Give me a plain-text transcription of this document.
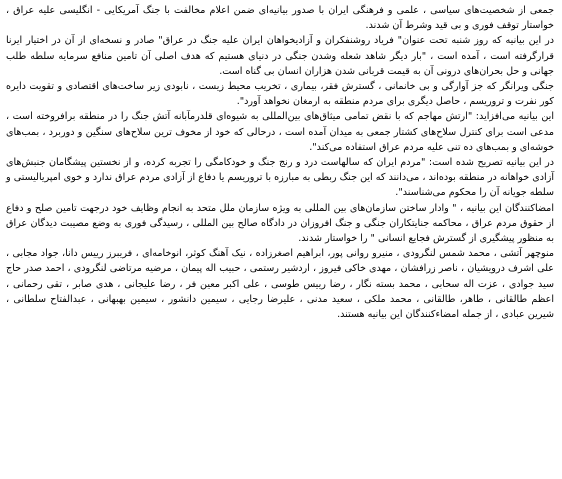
جمعی از شخصیت‌های سیاسی ، علمی و فرهنگی ایران با صدور بیانیه‌ای ضمن اعلام مخالفت با جنگ آمریکایی - انگلیسی علیه عراق ، خواستار توقف فوری و بی قید وشرط آن شدند.

در این بیانیه که روز شنبه تحت عنوان" فریاد روشنفکران و آزادیخواهان ایران علیه جنگ در عراق" صادر و نسخه‌ای از آن در اختیار ایرنا قرارگرفته است ، آمده است ، "بار دیگر شاهد شعله وشدن جنگی در دنیای هستیم که هدف اصلی آن تامین منافع سرمایه سلطه طلب جهانی و حل بحران‌های درونی آن به قیمت قربانی شدن هزاران انسان بی گناه است.

جنگی ویرانگر که جز آوارگی و بی خانمانی ، گسترش فقر، بیماری ، تخریب محیط زیست ، نابودی زیر ساخت‌های اقتصادی و تقویت دایره کور نفرت و تروریسم ، حاصل دیگری برای مردم منطقه به ارمغان نخواهد آورد".

این بیانیه می‌افزاید: "ارتش مهاجم که با نقض تمامی میثاق‌های بین‌المللی به شیوه‌ای قلدرمآبانه آتش جنگ را در منطقه برافروخته است ، مدعی است برای کنترل سلاح‌های کشتار جمعی به میدان آمده است ، درحالی که خود از مخوف ترین سلاح‌های سنگین و دوربرد ، بمب‌های خوشه‌ای و بمب‌های ده تنی علیه مردم عراق استفاده می‌کند".

در این بیانیه تصریح شده است: "مردم ایران که سالهاست درد و رنج جنگ و خودکامگی را تجربه کرده، و از نخستین پیشگامان جنبش‌های آزادی خواهانه در منطقه بوده‌اند ، می‌دانند که این جنگ ربطی به مبارزه با تروریسم یا دفاع از آزادی مردم عراق ندارد و خوی امپریالیستی و سلطه جویانه آن را محکوم می‌شناسند".

امضاکنندگان این بیانیه ، " وادار ساختن سازمان‌های بین المللی به ویژه سازمان ملل متحد به انجام وظایف خود درجهت تامین صلح و دفاع از حقوق مردم عراق ، محاکمه جنایتکاران جنگی و جنگ افروزان در دادگاه صالح بین المللی ، رسیدگی فوری به وضع مصیبت دیدگان عراق به منظور پیشگیری از گسترش فجایع انسانی " را خواستار شدند.

منوچهر آتشی ، محمد شمس لنگرودی ، منیرو روانی پور، ابراهیم اصغرزاده ، نیک آهنگ کوثر، انوخامه‌ای ، فریبرز رییس دانا، جواد مجابی ، علی اشرف درویشیان ، ناصر زرافشان ، مهدی خاکی فیروز ، اردشیر رستمی ، حبیب اله پیمان ، مرضیه مرتاضی لنگرودی ، احمد صدر حاج سید جوادی ، عزت اله سحابی ، محمد بسته نگار ، رضا رییس طوسی ، علی اکبر معین فر ، رضا علیجانی ، هدی صابر ، تقی رحمانی ، اعظم طالقانی ، طاهر، طالقانی ، محمد ملکی ، سعید مدنی ، علیرضا رجایی ، سیمین دانشور ، سیمین بهبهانی ، عبدالفتاح سلطانی ، شیرین عبادی ، از جمله امضاءکنندگان این بیانیه هستند.
